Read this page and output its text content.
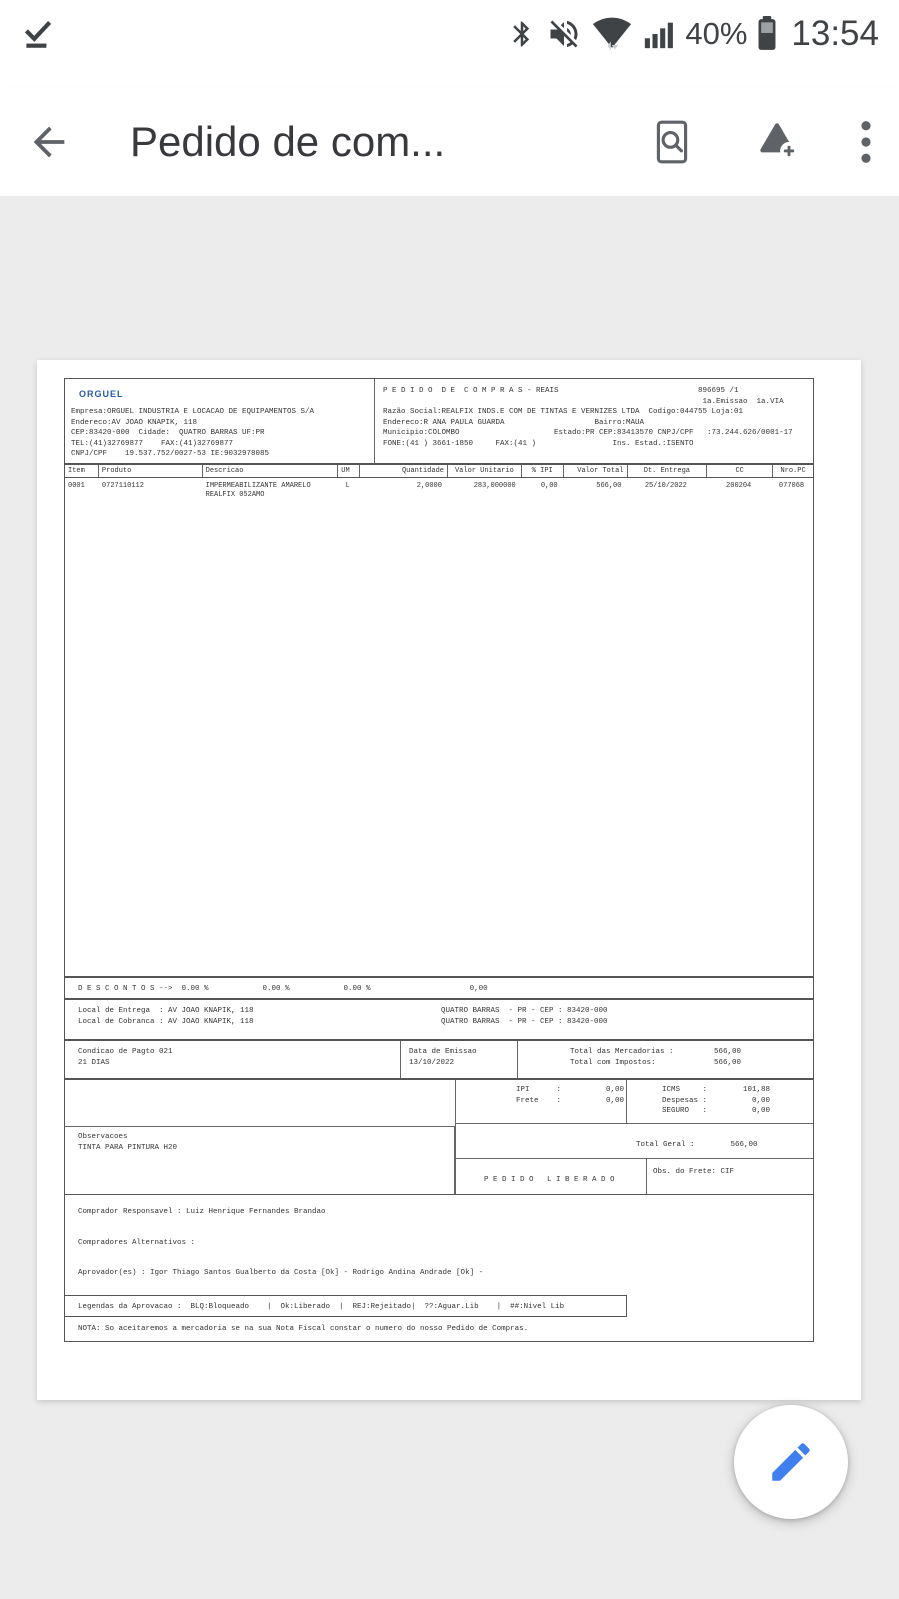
40% 13:54
Pedido de com...
ORGUEL
Empresa:ORGUEL INDUSTRIA E LOCACAO DE EQUIPAMENTOS S/A
Endereco:AV JOAO KNAPIK, 118
CEP:83420-000  Cidade:  QUATRO BARRAS UF:PR
TEL:(41)32769877    FAX:(41)32769877
CNPJ/CPF    19.537.752/0027-53 IE:9032978085
P E D I D O  D E  C O M P R A S - REAIS                               896695 /1
1a.Emissao  1a.VIA
Razão Social:REALFIX INDS.E COM DE TINTAS E VERNIZES LTDA  Codigo:044755 Loja:01
Endereco:R ANA PAULA GUARDA                    Bairro:MAUA
Municipio:COLOMBO                     Estado:PR CEP:83413570 CNPJ/CPF   :73.244.626/0001-17
FONE:(41 ) 3661-1850     FAX:(41 )                 Ins. Estad.:ISENTO
Item	Produto	Descricao	UM	Quantidade	Valor Unitario	% IPI	Valor Total	Dt. Entrega	CC	Nro.PC
0001	0727110112	IMPERMEABILIZANTE AMARELO
REALFIX 052AMO
L	2,0000	283,000000	0,00	566,00	25/10/2022	200204	077068
D E S C O N T O S -->  0.00 %            0.00 %            0.00 %                      0,00
Local de Entrega  : AV JOAO KNAPIK, 118	QUATRO BARRAS  - PR - CEP : 83420-000
Local de Cobranca : AV JOAO KNAPIK, 118	QUATRO BARRAS  - PR - CEP : 83420-000
Condicao de Pagto 021
21 DIAS
Data de Emissao
13/10/2022
Total das Mercadorias :         566,00
Total com Impostos:             566,00
IPI      :          0,00
Frete    :          0,00
ICMS     :        101,88
Despesas :          0,00
SEGURO   :          0,00
Observacoes
TINTA PARA PINTURA H20	Total Geral :        566,00
P E D I D O   L I B E R A D O
Obs. do Frete: CIF
Comprador Responsavel : Luiz Henrique Fernandes Brandao
Compradores Alternativos :
Aprovador(es) : Igor Thiago Santos Gualberto da Costa [Ok] - Rodrigo Andina Andrade [Ok] -
Legendas da Aprovacao :  BLQ:Bloqueado    |  Ok:Liberado  |  REJ:Rejeitado|  ??:Aguar.Lib    |  ##:Nivel Lib
NOTA: So aceitaremos a mercadoria se na sua Nota Fiscal constar o numero do nosso Pedido de Compras.
